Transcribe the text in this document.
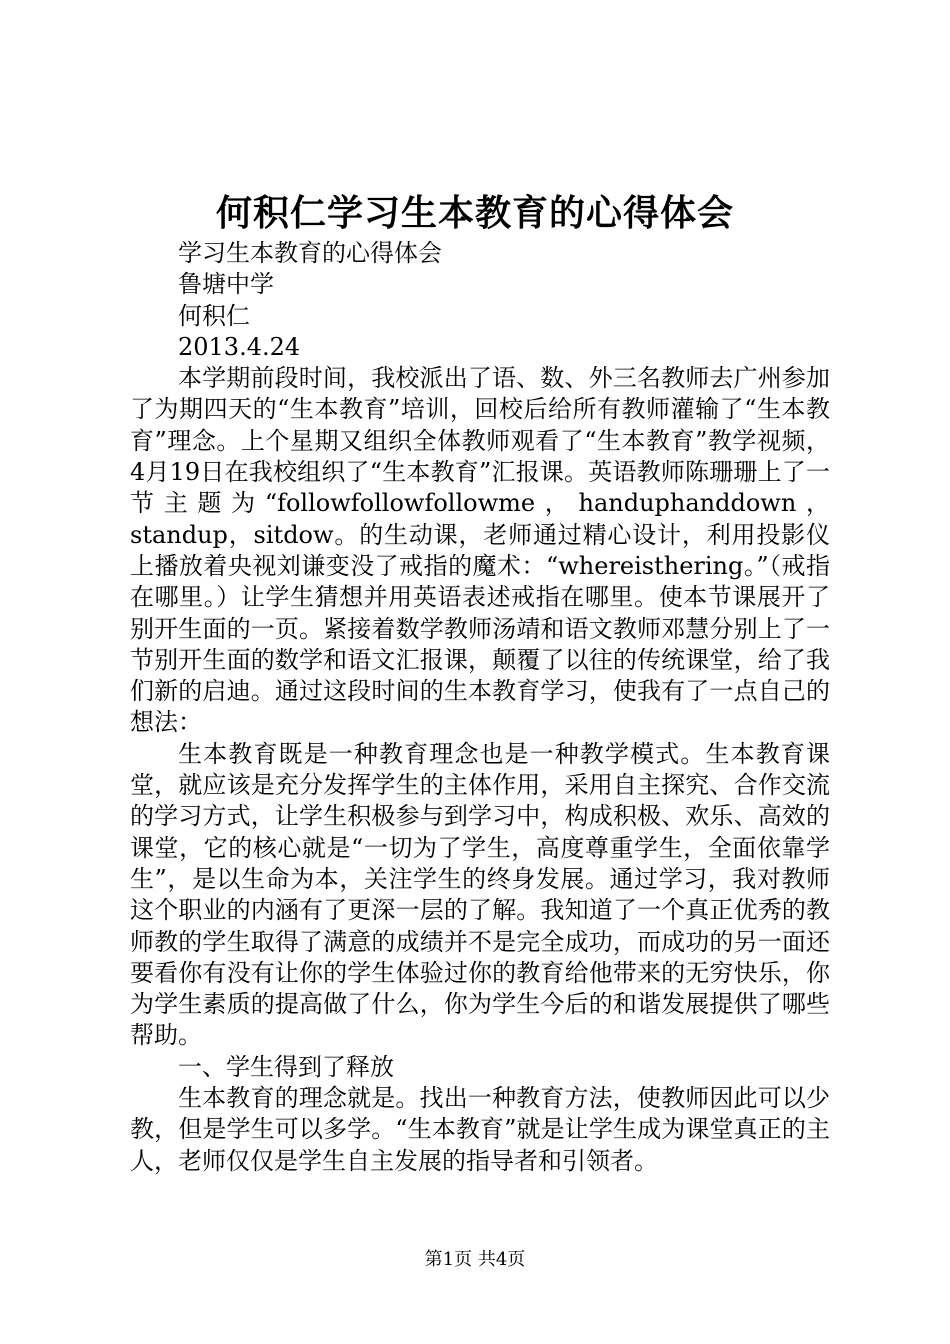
何积仁学习生本教育的心得体会
学习生本教育的心得体会
鲁塘中学
何积仁
2013.4.24

本学期前段时间，我校派出了语、数、外三名教师去广州参加了为期四天的“生本教育”培训，回校后给所有教师灌输了“生本教育”理念。上个星期又组织全体教师观看了“生本教育”教学视频，4月19日在我校组织了“生本教育”汇报课。英语教师陈珊珊上了一节主题为“followfollowfollowme，handuphanddown，standup，sitdow。的生动课，老师通过精心设计，利用投影仪上播放着央视刘谦变没了戒指的魔术：“whereisthering。”（戒指在哪里。）让学生猜想并用英语表述戒指在哪里。使本节课展开了别开生面的一页。紧接着数学教师汤靖和语文教师邓慧分别上了一节别开生面的数学和语文汇报课，颠覆了以往的传统课堂，给了我们新的启迪。通过这段时间的生本教育学习，使我有了一点自己的想法：

生本教育既是一种教育理念也是一种教学模式。生本教育课堂，就应该是充分发挥学生的主体作用，采用自主探究、合作交流的学习方式，让学生积极参与到学习中，构成积极、欢乐、高效的课堂，它的核心就是“一切为了学生，高度尊重学生，全面依靠学生”，是以生命为本，关注学生的终身发展。通过学习，我对教师这个职业的内涵有了更深一层的了解。我知道了一个真正优秀的教师教的学生取得了满意的成绩并不是完全成功，而成功的另一面还要看你有没有让你的学生体验过你的教育给他带来的无穷快乐，你为学生素质的提高做了什么，你为学生今后的和谐发展提供了哪些帮助。

一、学生得到了释放

生本教育的理念就是。找出一种教育方法，使教师因此可以少教，但是学生可以多学。“生本教育”就是让学生成为课堂真正的主人，老师仅仅是学生自主发展的指导者和引领者。

第1页 共4页
